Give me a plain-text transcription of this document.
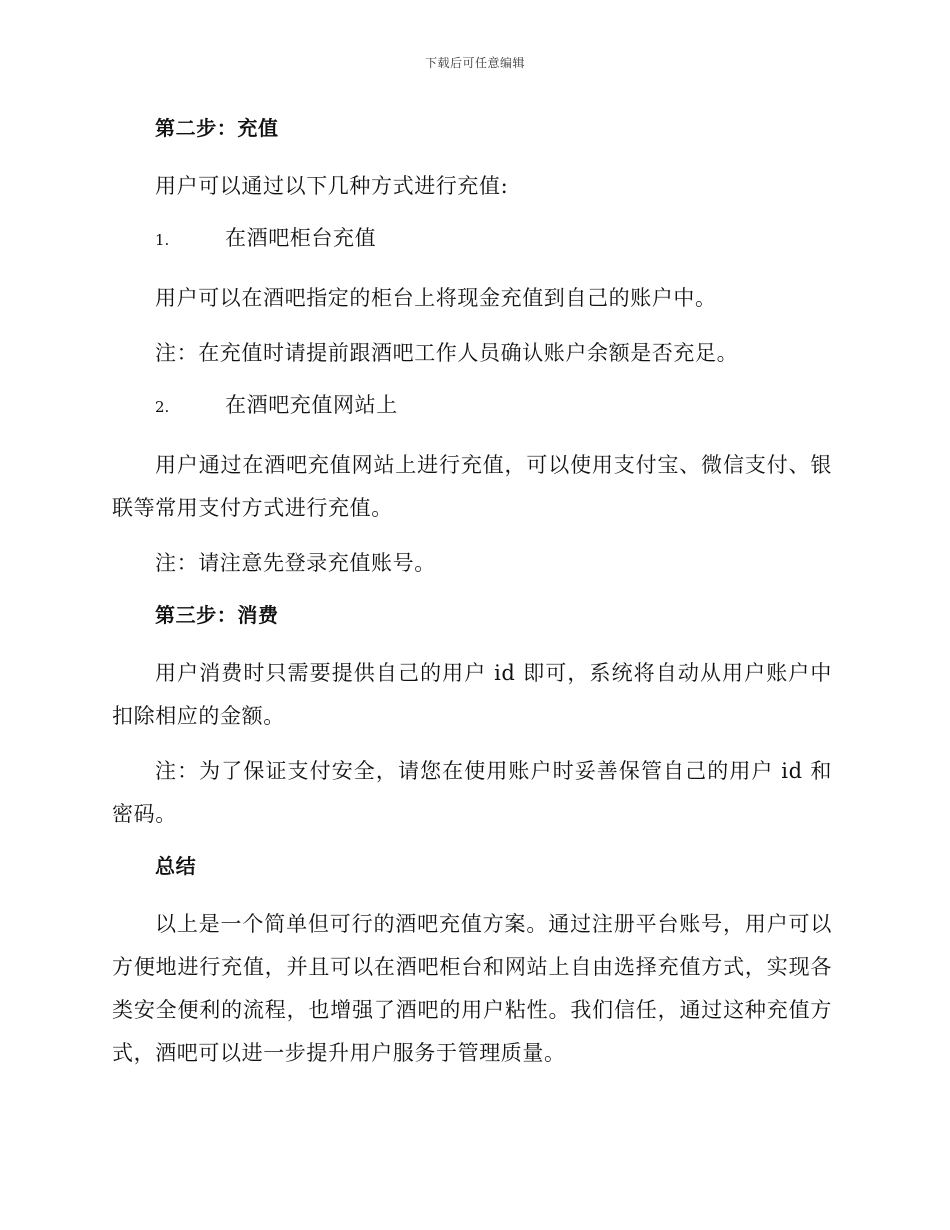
下载后可任意编辑
第二步：充值

用户可以通过以下几种方式进行充值:

1.	在酒吧柜台充值

用户可以在酒吧指定的柜台上将现金充值到自己的账户中。

注：在充值时请提前跟酒吧工作人员确认账户余额是否充足。

2.	在酒吧充值网站上

用户通过在酒吧充值网站上进行充值，可以使用支付宝、微信支付、银联等常用支付方式进行充值。

注：请注意先登录充值账号。

第三步：消费

用户消费时只需要提供自己的用户 id 即可，系统将自动从用户账户中扣除相应的金额。

注：为了保证支付安全，请您在使用账户时妥善保管自己的用户 id 和密码。

总结

以上是一个简单但可行的酒吧充值方案。通过注册平台账号，用户可以方便地进行充值，并且可以在酒吧柜台和网站上自由选择充值方式，实现各类安全便利的流程，也增强了酒吧的用户粘性。我们信任，通过这种充值方式，酒吧可以进一步提升用户服务于管理质量。
